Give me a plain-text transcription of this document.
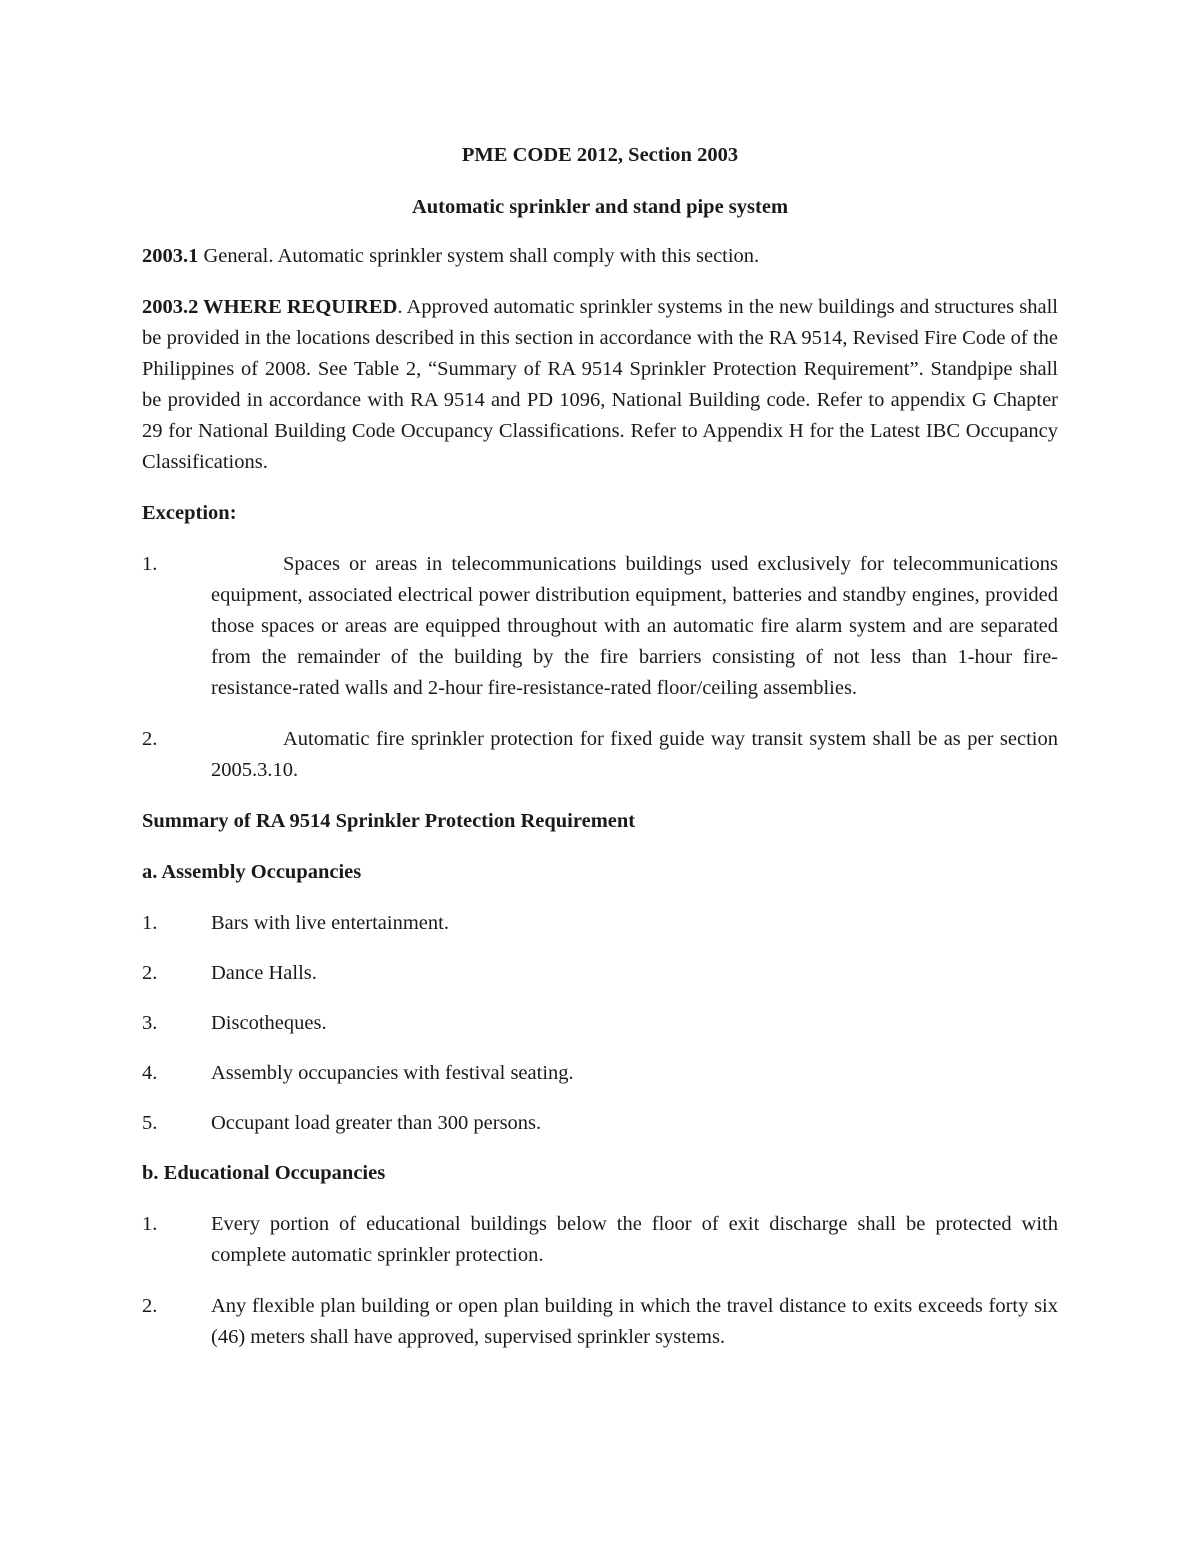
PME CODE 2012, Section 2003

Automatic sprinkler and stand pipe system

2003.1 General. Automatic sprinkler system shall comply with this section.

2003.2 WHERE REQUIRED. Approved automatic sprinkler systems in the new buildings and structures shall be provided in the locations described in this section in accordance with the RA 9514, Revised Fire Code of the Philippines of 2008. See Table 2, “Summary of RA 9514 Sprinkler Protection Requirement”. Standpipe shall be provided in accordance with RA 9514 and PD 1096, National Building code. Refer to appendix G Chapter 29 for National Building Code Occupancy Classifications. Refer to Appendix H for the Latest IBC Occupancy Classifications.

Exception:

1.	Spaces or areas in telecommunications buildings used exclusively for telecommunications equipment, associated electrical power distribution equipment, batteries and standby engines, provided those spaces or areas are equipped throughout with an automatic fire alarm system and are separated from the remainder of the building by the fire barriers consisting of not less than 1-hour fire-resistance-rated walls and 2-hour fire-resistance-rated floor/ceiling assemblies.
2.	Automatic fire sprinkler protection for fixed guide way transit system shall be as per section 2005.3.10.

Summary of RA 9514 Sprinkler Protection Requirement

a. Assembly Occupancies

1.	Bars with live entertainment.
2.	Dance Halls.
3.	Discotheques.
4.	Assembly occupancies with festival seating.
5.	Occupant load greater than 300 persons.

b. Educational Occupancies

1.	Every portion of educational buildings below the floor of exit discharge shall be protected with complete automatic sprinkler protection.
2.	Any flexible plan building or open plan building in which the travel distance to exits exceeds forty six (46) meters shall have approved, supervised sprinkler systems.
